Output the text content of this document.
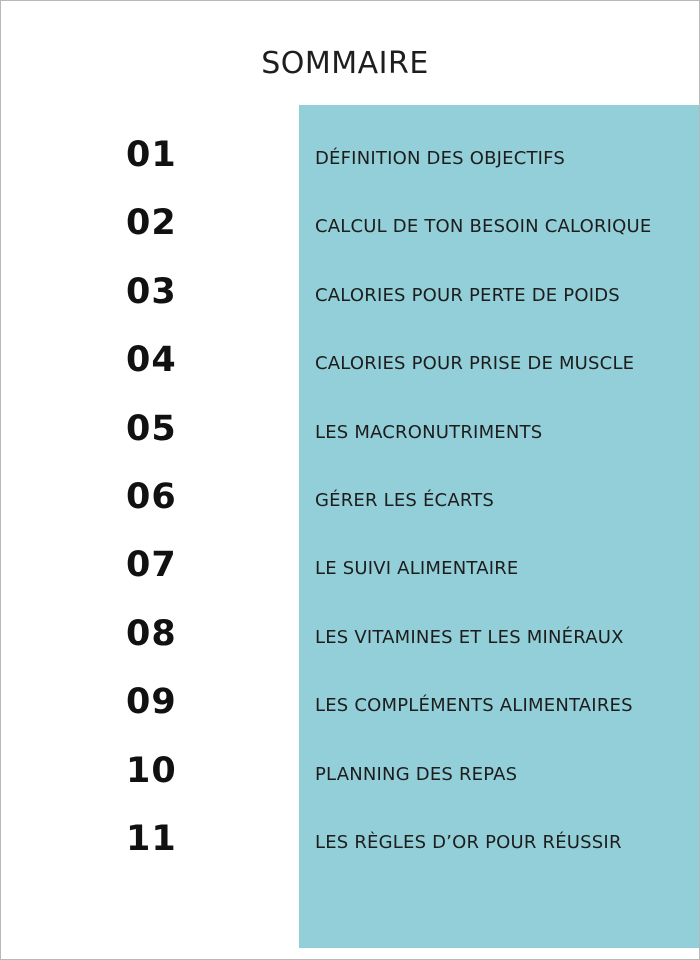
SOMMAIRE
01	DÉFINITION DES OBJECTIFS
02	CALCUL DE TON BESOIN CALORIQUE
03	CALORIES POUR PERTE DE POIDS
04	CALORIES POUR PRISE DE MUSCLE
05	LES MACRONUTRIMENTS
06	GÉRER LES ÉCARTS
07	LE SUIVI ALIMENTAIRE
08	LES VITAMINES ET LES MINÉRAUX
09	LES COMPLÉMENTS ALIMENTAIRES
10	PLANNING DES REPAS
11	LES RÈGLES D’OR POUR RÉUSSIR
